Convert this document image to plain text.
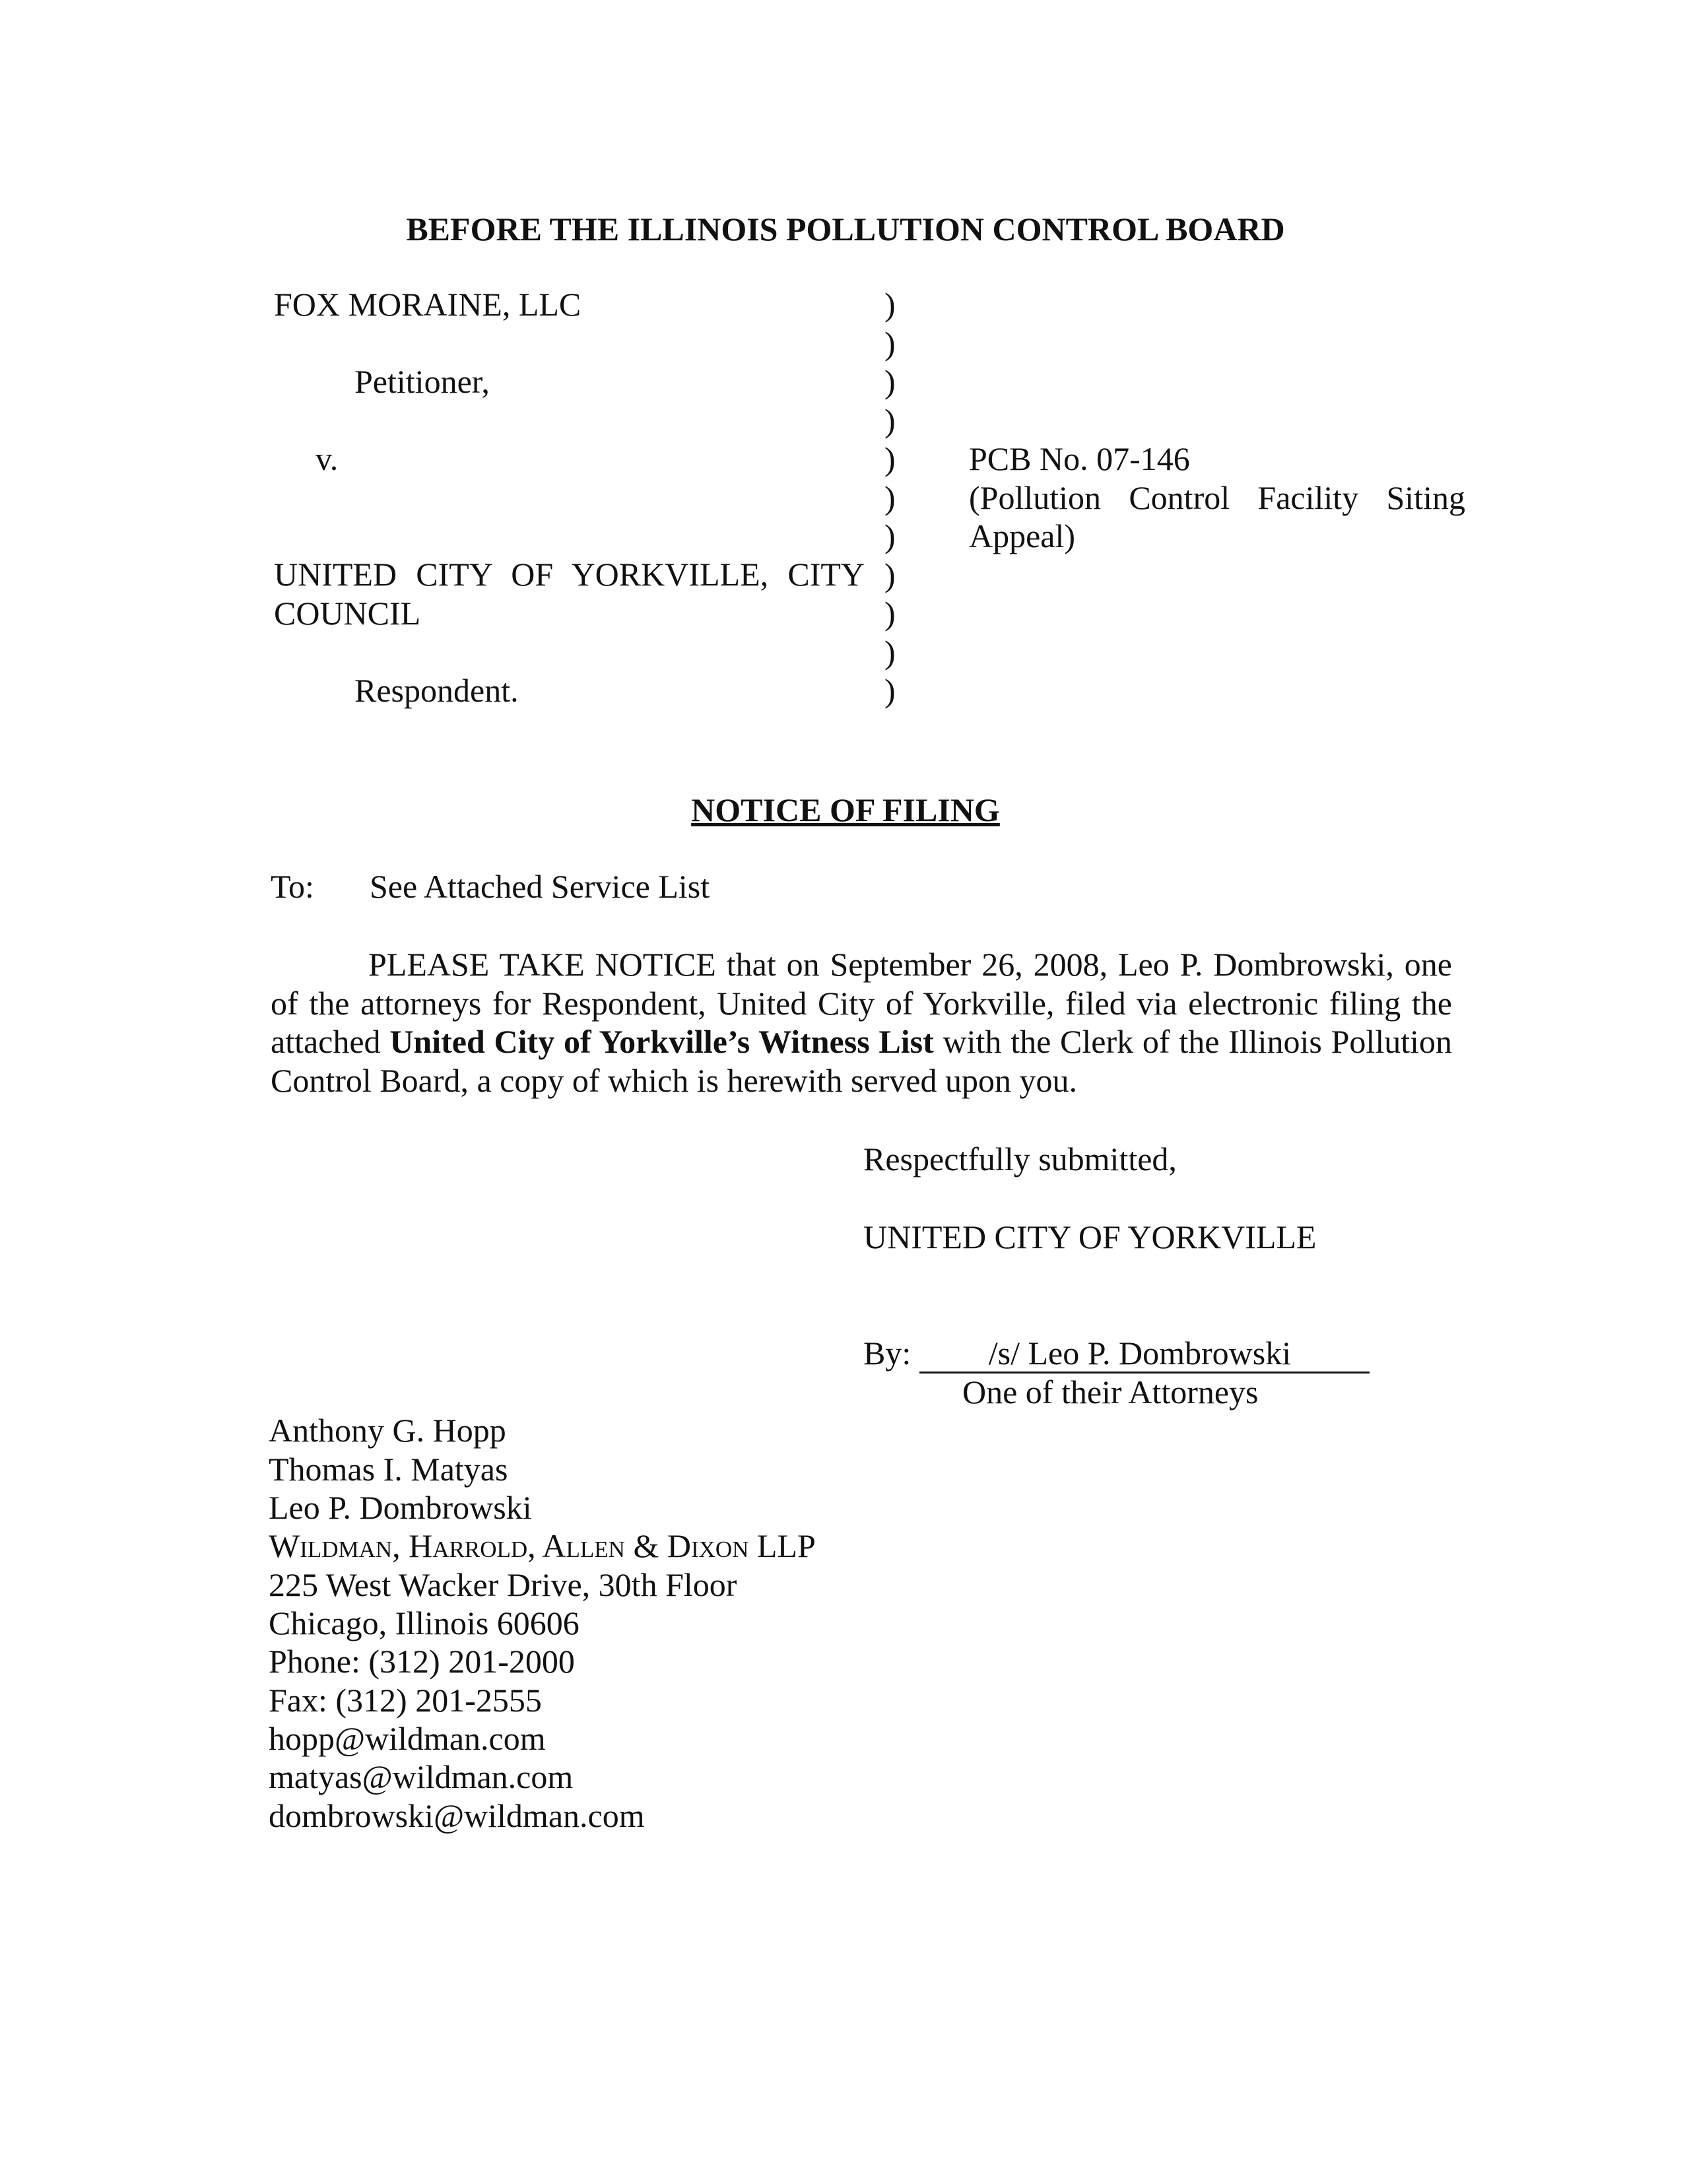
BEFORE THE ILLINOIS POLLUTION CONTROL BOARD
FOX MORAINE, LLC
Petitioner,
v.
UNITED CITY OF YORKVILLE, CITY
COUNCIL
Respondent.
)
)
)
)
)
)
)
)
)
)
)
PCB No. 07-146
(Pollution Control Facility Siting
Appeal)
NOTICE OF FILING
To: See Attached Service List
PLEASE TAKE NOTICE that on September 26, 2008, Leo P. Dombrowski, one of the attorneys for Respondent, United City of Yorkville, filed via electronic filing the attached United City of Yorkville’s Witness List with the Clerk of the Illinois Pollution Control Board, a copy of which is herewith served upon you.
Respectfully submitted,
UNITED CITY OF YORKVILLE
By: /s/ Leo P. Dombrowski
One of their Attorneys
Anthony G. Hopp
Thomas I. Matyas
Leo P. Dombrowski
Wildman, Harrold, Allen & Dixon LLP
225 West Wacker Drive, 30th Floor
Chicago, Illinois 60606
Phone: (312) 201-2000
Fax: (312) 201-2555
hopp@wildman.com
matyas@wildman.com
dombrowski@wildman.com
